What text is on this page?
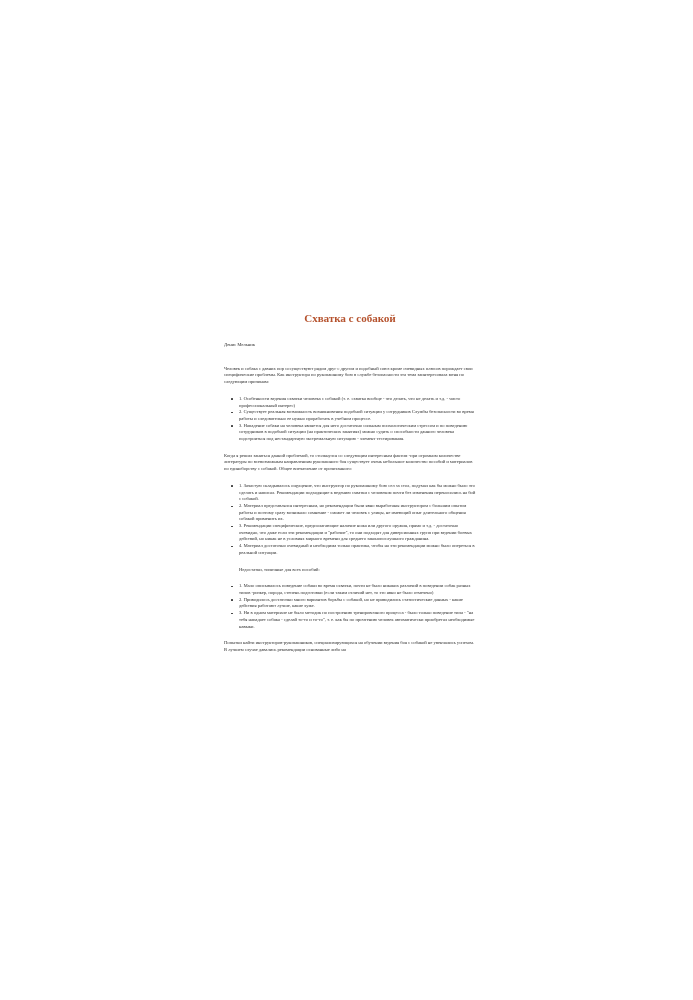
Схватка с собакой
Денис Мельник

Человек и собака с давних пор сосуществуют рядом друг с другом и подобный союз кроме очевидных плюсов порождает свои специфические проблемы. Как инструктора по рукопашному бою в службе безопасности эта тема заинтересовала меня по следующим причинам:

1. Особенности ведения схватки человека с собакой (т. е. схватка вообще - что делать, что не делать и т.д. - чисто профессиональный интерес)
2. Существует реальная возможность возникновения подобной ситуации у сотрудников Службы безопасности во время работы и следовательно ее нужно проработать в учебном процессе.
3. Нападение собаки на человека является для него достаточно сильным психологическим стрессом и по поведению сотрудников в подобной ситуации (на практических занятиях) можно судить о способности данного человека подстроиться под нестандартную экстремальную ситуацию - элемент тестирования.

Когда я решил заняться данной проблемой, то столкнулся со следующим интересным фактом -при огромном количестве литературы по всевозможным направлениям рукопашного боя существует очень небольшое количество пособий и материалов по единоборству с собакой. Общее впечатление от прочитанного:

1. Зачастую складывалось ощущение, что инструктор по рукопашному бою сел за стол, подумал как бы можно было это сделать и написал. Рекомендации подходящие к ведению схватки с человеком почти без изменения переносились на бой с собакой.
2. Материал представлялся интересным, но рекомендации были явно выработаны инструктором с большим опытом работы и поэтому сразу возникало сомнение - сможет ли человек с улицы, не имеющий опыт длительного общения собакой применить их.
3. Рекомендации специфические, предполагающие наличие ножа или другого оружия, прямо и т.д. - достаточно очевидно, что даже если эти рекомендации и "рабочие", то они подходят для диверсионных групп при ведении боевых действий, но никак не в условиях мирного времени для среднего законопослушного гражданина.
4. Материал достаточно очевидный и необходима только практика, чтобы на эти рекомендации можно было опереться в реальной ситуации.

Недостатки, типичные для всех пособий:

1. Мало описывалось поведение собаки во время схватки, почти не было никаких различий в поведении собак разных типов -ризкер, порода, степень подготовки (если таким отличий нет, то это явно не было отмечено)
2. Приводилось достаточно много вариантов борьбы с собакой, но не приводились статистические данных - какие действия работают лучше, какие хуже.
3. Ни в одном материале не было методик по построению тренировочного процесса - было только поведение типа - "на тебя нападает собака - сделай то-то и то-то", т. е. как бы по прочтению человек автоматически приобретал необходимые навыки.

Попытки найти инструкторов-рукопашников, специализирующихся на обучении ведения боя с собакой не увенчались успехом. В лучшем случае давались рекомендации основанные либо на
